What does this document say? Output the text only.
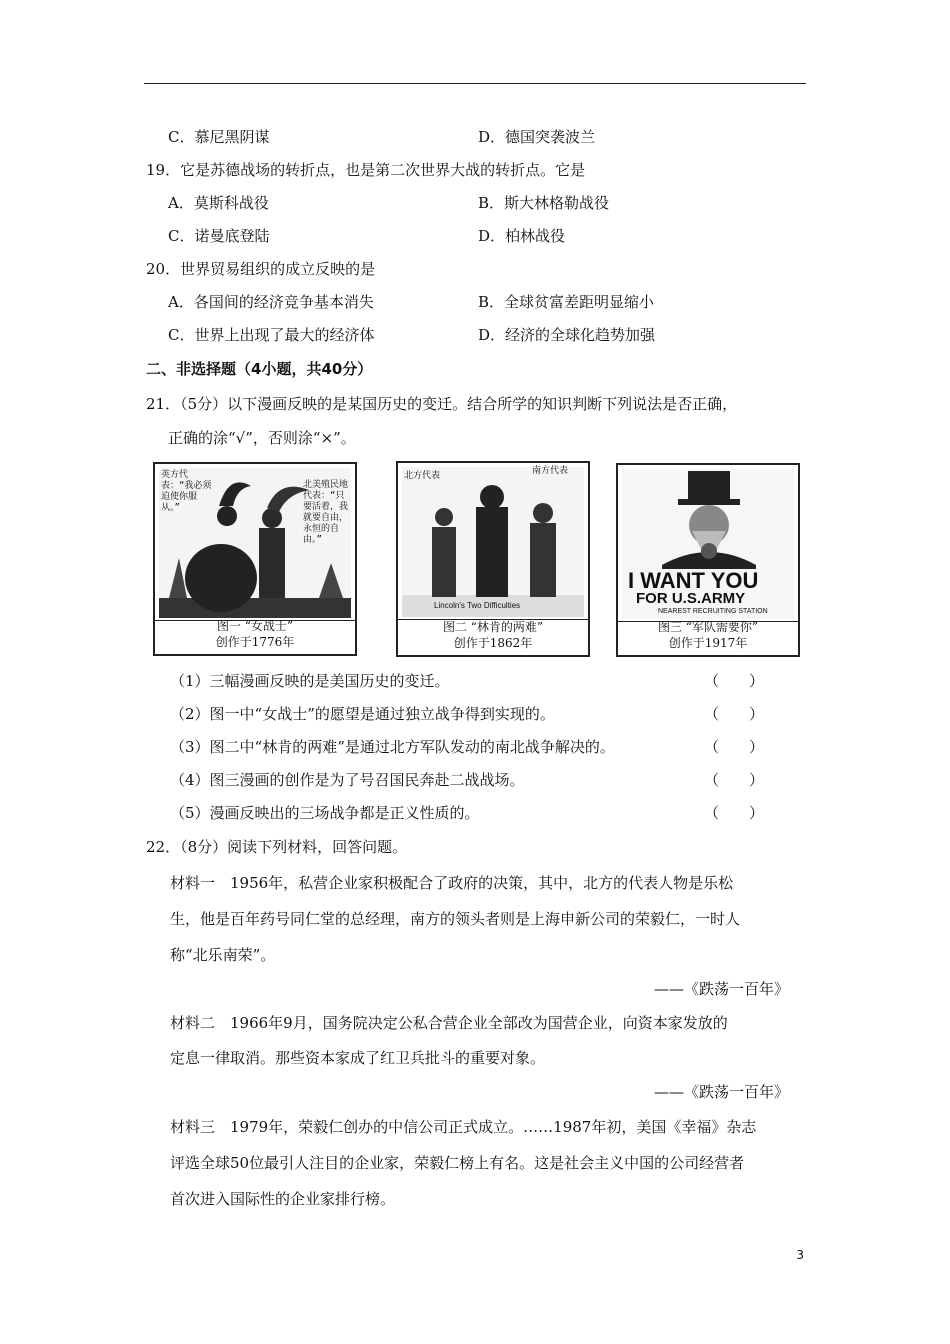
C．慕尼黑阴谋	D．德国突袭波兰
19．它是苏德战场的转折点，也是第二次世界大战的转折点。它是
A．莫斯科战役	B．斯大林格勒战役
C．诺曼底登陆	D．柏林战役
20．世界贸易组织的成立反映的是
A．各国间的经济竞争基本消失	B．全球贫富差距明显缩小
C．世界上出现了最大的经济体	D．经济的全球化趋势加强
二、非选择题（4小题，共40分）
21．（5分）以下漫画反映的是某国历史的变迁。结合所学的知识判断下列说法是否正确，
正确的涂“√”，否则涂“×”。
英方代表：“我必须迫使你服从。”
北美殖民地代表：“只要活着，我就要自由，永恒的自由。”
图一 “女战士”
创作于1776年
北方代表	南方代表
Lincoln's Two Difficulties
图二 “林肯的两难”
创作于1862年
I WANT YOU
FOR U.S.ARMY
NEAREST RECRUITING STATION
图三 “军队需要你”
创作于1917年
（1）三幅漫画反映的是美国历史的变迁。	（　　）
（2）图一中“女战士”的愿望是通过独立战争得到实现的。	（　　）
（3）图二中“林肯的两难”是通过北方军队发动的南北战争解决的。	（　　）
（4）图三漫画的创作是为了号召国民奔赴二战战场。	（　　）
（5）漫画反映出的三场战争都是正义性质的。	（　　）
22．（8分）阅读下列材料，回答问题。
材料一　1956年，私营企业家积极配合了政府的决策，其中，北方的代表人物是乐松
生，他是百年药号同仁堂的总经理，南方的领头者则是上海申新公司的荣毅仁，一时人
称“北乐南荣”。
——《跌荡一百年》
材料二　1966年9月，国务院决定公私合营企业全部改为国营企业，向资本家发放的
定息一律取消。那些资本家成了红卫兵批斗的重要对象。
——《跌荡一百年》
材料三　1979年，荣毅仁创办的中信公司正式成立。……1987年初，美国《幸福》杂志
评选全球50位最引人注目的企业家，荣毅仁榜上有名。这是社会主义中国的公司经营者
首次进入国际性的企业家排行榜。
3
